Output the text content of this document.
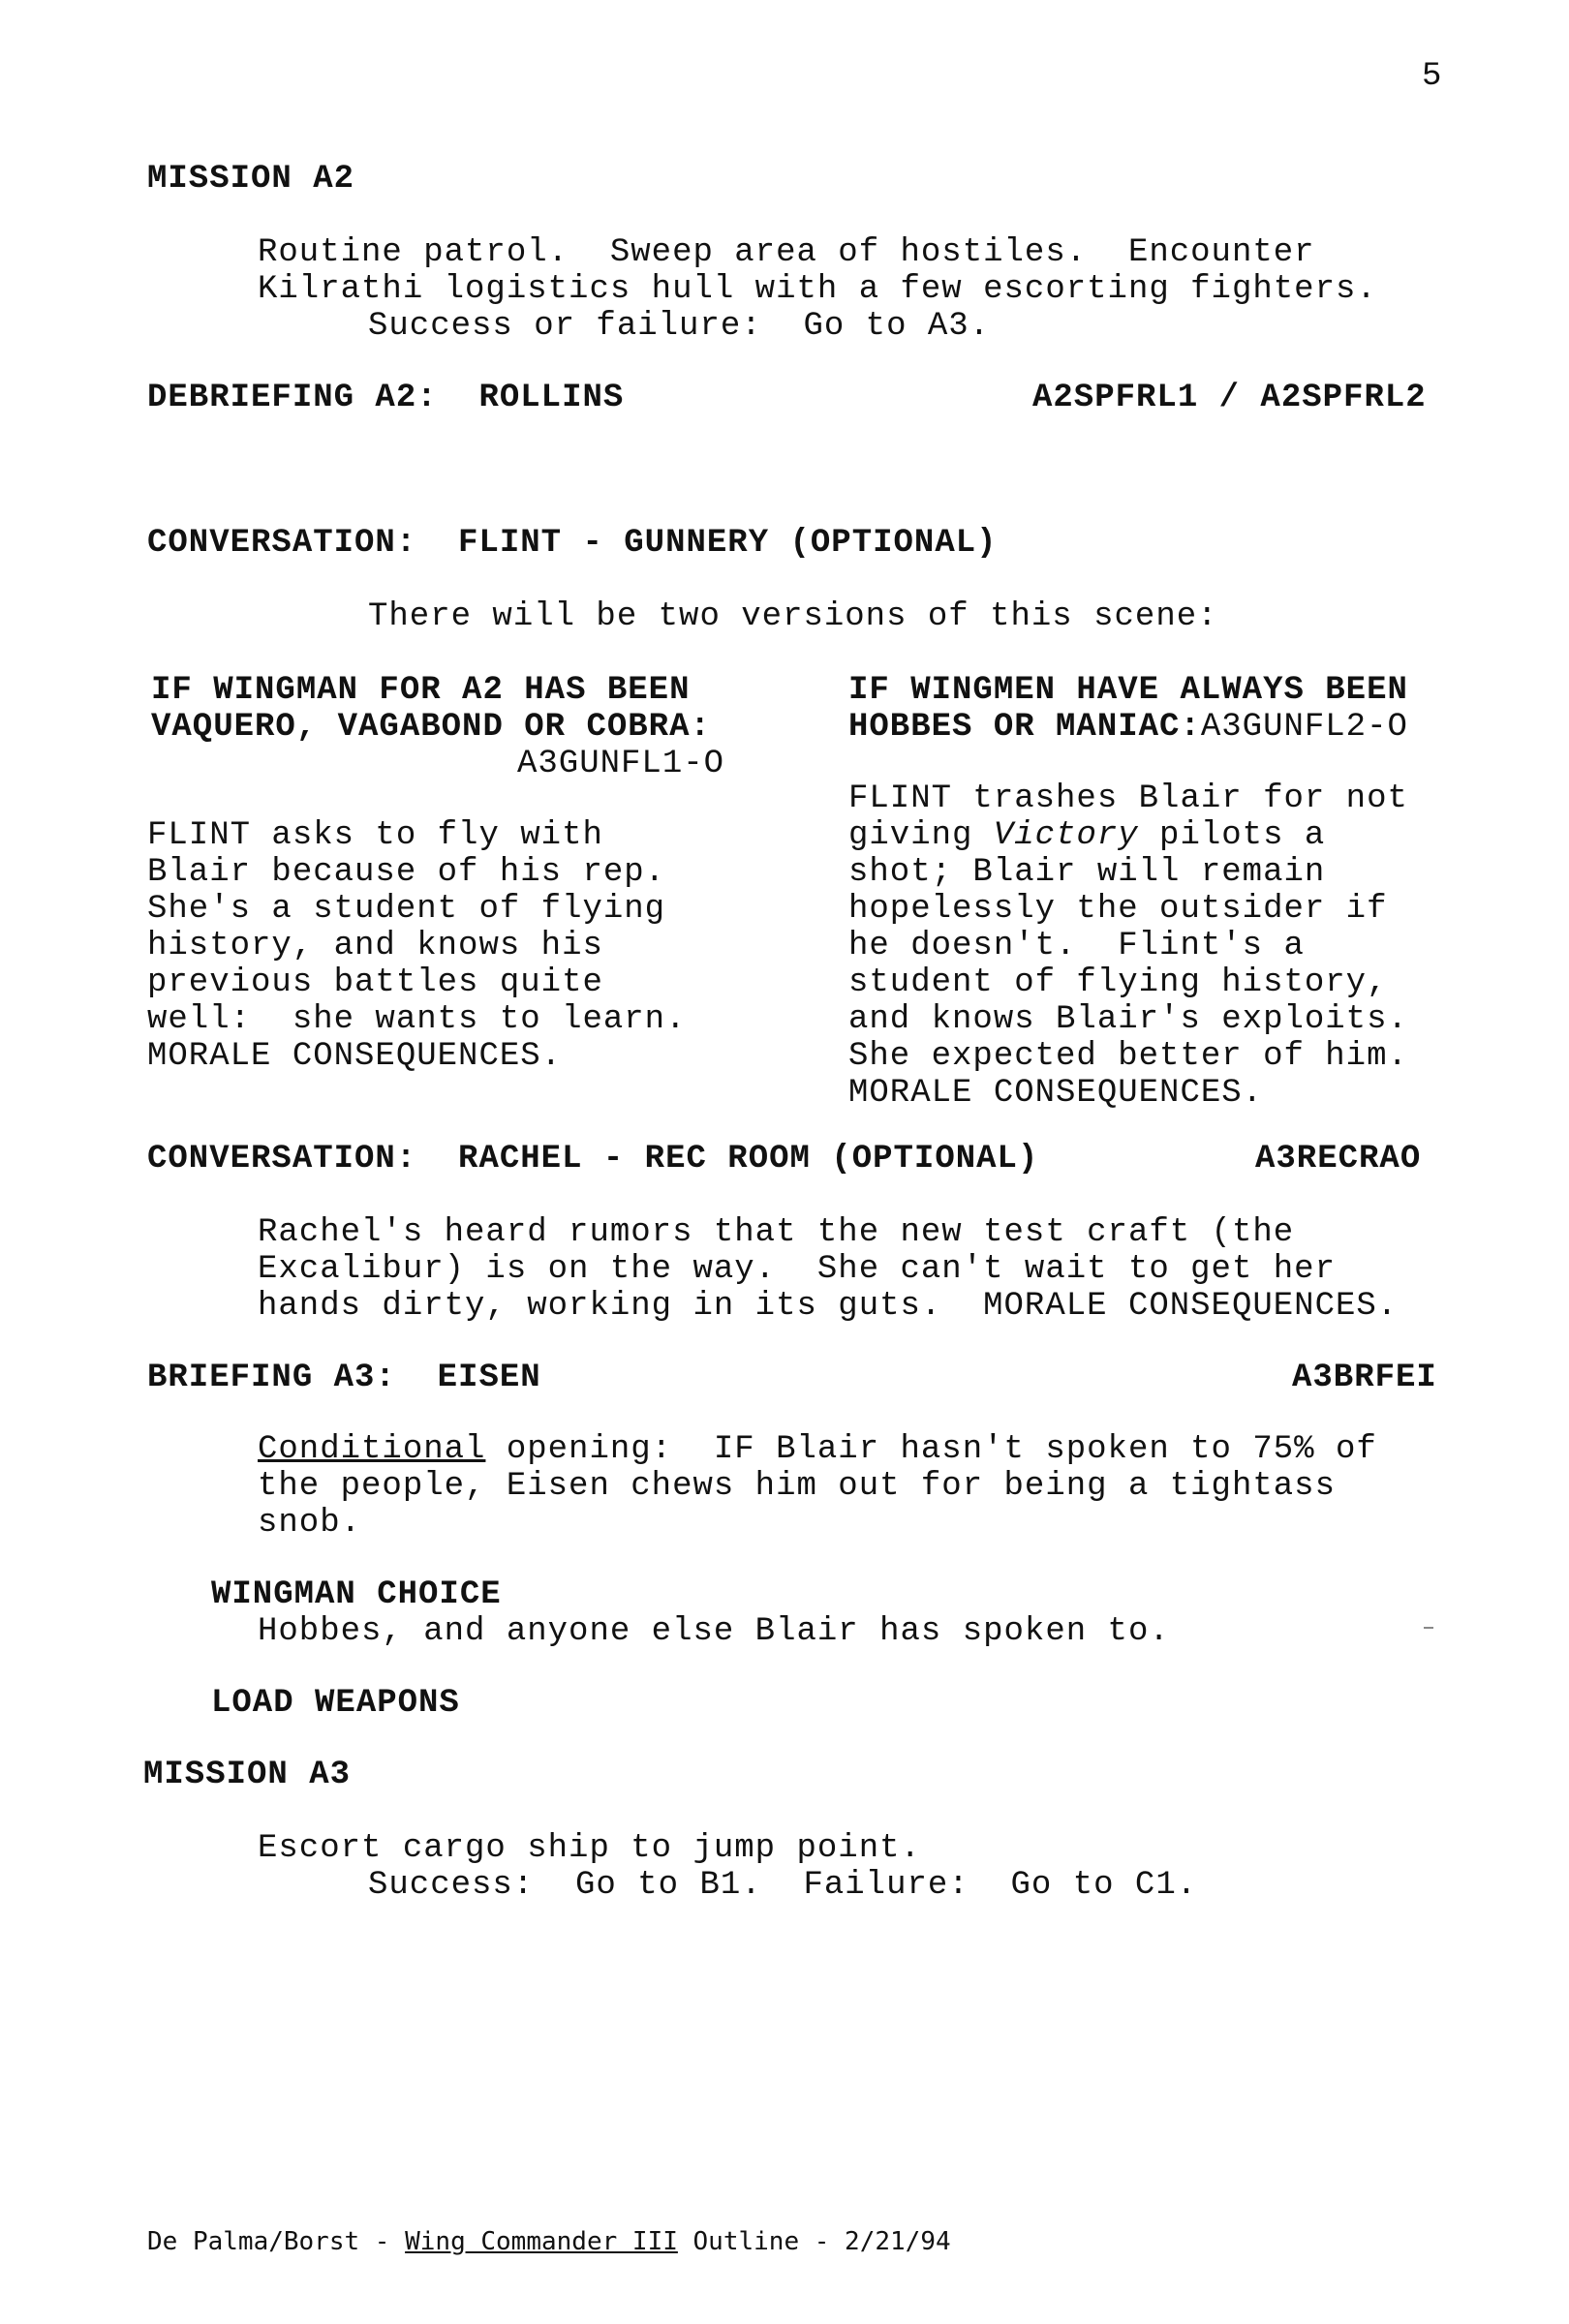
5
MISSION A2
Routine patrol.  Sweep area of hostiles.  Encounter
Kilrathi logistics hull with a few escorting fighters.
Success or failure:  Go to A3.
DEBRIEFING A2:  ROLLINS	A2SPFRL1 / A2SPFRL2
CONVERSATION:  FLINT - GUNNERY (OPTIONAL)
There will be two versions of this scene:
IF WINGMAN FOR A2 HAS BEEN
VAQUERO, VAGABOND OR COBRA:
A3GUNFL1-O
FLINT asks to fly with
Blair because of his rep.
She's a student of flying
history, and knows his
previous battles quite
well:  she wants to learn.
MORALE CONSEQUENCES.
IF WINGMEN HAVE ALWAYS BEEN
HOBBES OR MANIAC:A3GUNFL2-O
FLINT trashes Blair for not
giving Victory pilots a
shot; Blair will remain
hopelessly the outsider if
he doesn't.  Flint's a
student of flying history,
and knows Blair's exploits.
She expected better of him.
MORALE CONSEQUENCES.
CONVERSATION:  RACHEL - REC ROOM (OPTIONAL)	A3RECRAO
Rachel's heard rumors that the new test craft (the
Excalibur) is on the way.  She can't wait to get her
hands dirty, working in its guts.  MORALE CONSEQUENCES.
BRIEFING A3:  EISEN	A3BRFEI
Conditional opening:  IF Blair hasn't spoken to 75% of
the people, Eisen chews him out for being a tightass
snob.
WINGMAN CHOICE
Hobbes, and anyone else Blair has spoken to.
LOAD WEAPONS
MISSION A3
Escort cargo ship to jump point.
Success:  Go to B1.  Failure:  Go to C1.
De Palma/Borst - Wing Commander III Outline - 2/21/94
